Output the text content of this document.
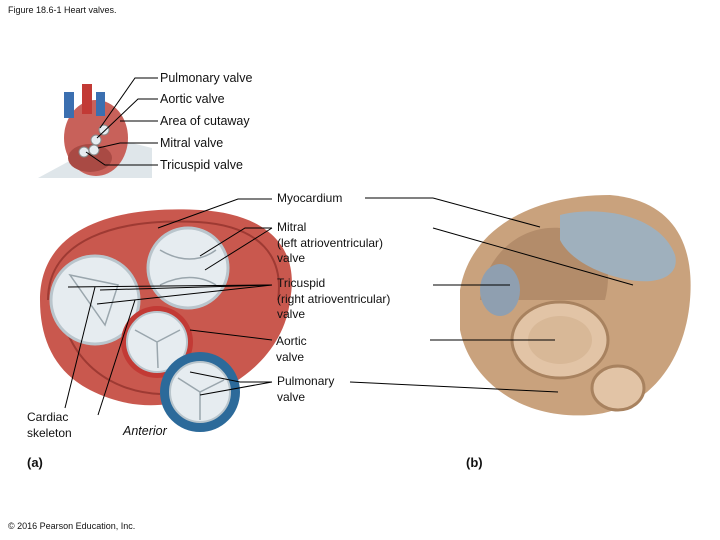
Figure 18.6-1 Heart valves.
Pulmonary valve
Aortic valve
Area of cutaway
Mitral valve
Tricuspid valve
Myocardium
Mitral
(left atrioventricular)
valve
Tricuspid
(right atrioventricular)
valve
Aortic
valve
Pulmonary
valve
Cardiac
skeleton	Anterior
(a)	(b)
© 2016 Pearson Education, Inc.
